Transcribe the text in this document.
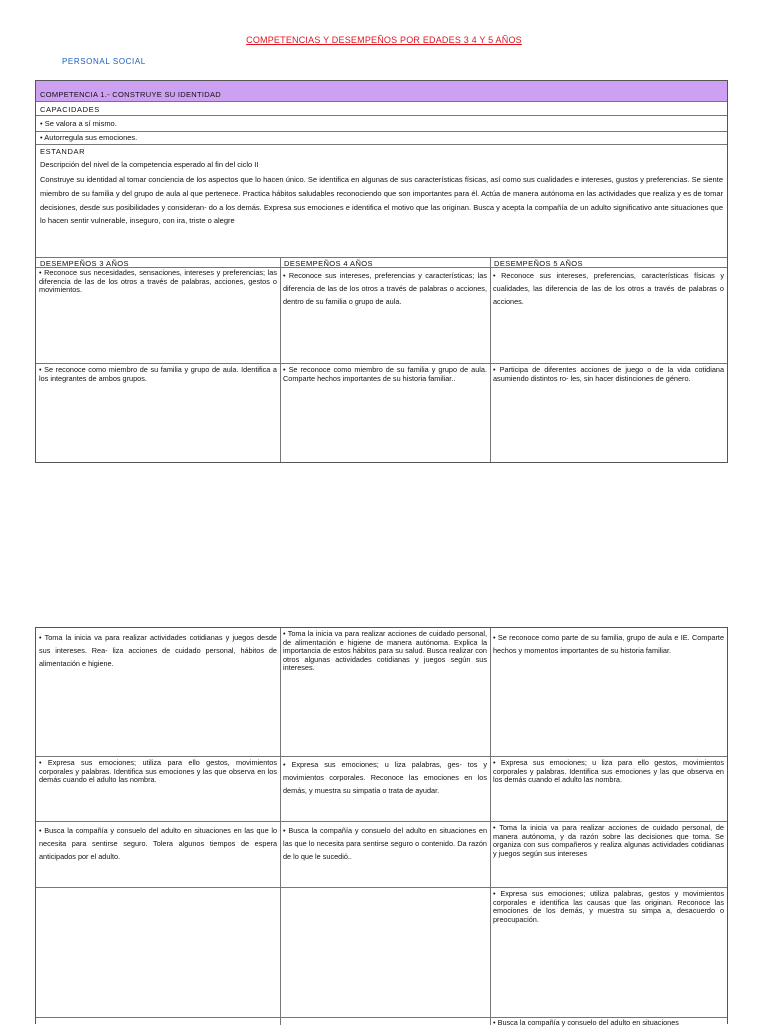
COMPETENCIAS Y DESEMPEÑOS POR EDADES 3 4 Y 5 AÑOS
PERSONAL SOCIAL
COMPETENCIA 1.- CONSTRUYE SU IDENTIDAD
CAPACIDADES
• Se valora a sí mismo.
• Autorregula sus emociones.
ESTANDAR
Descripción del nivel de la competencia esperado al fin del ciclo II
Construye su identidad al tomar conciencia de los aspectos que lo hacen único. Se identifica en algunas de sus características físicas, así como sus cualidades e intereses, gustos y preferencias. Se siente miembro de su familia y del grupo de aula al que pertenece. Practica hábitos saludables reconociendo que son importantes para él. Actúa de manera autónoma en las actividades que realiza y es de tomar decisiones, desde sus posibilidades y consideran- do a los demás. Expresa sus emociones e identifica el motivo que las originan. Busca y acepta la compañía de un adulto significativo ante situaciones que lo hacen sentir vulnerable, inseguro, con ira, triste o alegre
DESEMPEÑOS 3 AÑOS	DESEMPEÑOS 4 AÑOS	DESEMPEÑOS 5 AÑOS
• Reconoce sus necesidades, sensaciones, intereses y preferencias; las diferencia de las de los otros a través de palabras, acciones, gestos o movimientos.
• Reconoce sus intereses, preferencias y características; las diferencia de las de los otros a través de palabras o acciones, dentro de su familia o grupo de aula.
• Reconoce sus intereses, preferencias, características físicas y cualidades, las diferencia de las de los otros a través de palabras o acciones.
• Se reconoce como miembro de su familia y grupo de aula. Identifica a los integrantes de ambos grupos.
• Se reconoce como miembro de su familia y grupo de aula. Comparte hechos importantes de su historia familiar..
• Participa de diferentes acciones de juego o de la vida cotidiana asumiendo distintos ro- les, sin hacer distinciones de género.
• Toma la inicia va para realizar actividades cotidianas y juegos desde sus intereses. Rea- liza acciones de cuidado personal, hábitos de alimentación e higiene.
• Toma la inicia va para realizar acciones de cuidado personal, de alimentación e higiene de manera autónoma. Explica la importancia de estos hábitos para su salud. Busca realizar con otros algunas actividades cotidianas y juegos según sus intereses.
• Se reconoce como parte de su familia, grupo de aula e IE. Comparte hechos y momentos importantes de su historia familiar.
• Expresa sus emociones; utiliza para ello gestos, movimientos corporales y palabras. Identifica sus emociones y las que observa en los demás cuando el adulto las nombra.
• Expresa sus emociones; u liza palabras, ges- tos y movimientos corporales. Reconoce las emociones en los demás, y muestra su simpatía o trata de ayudar.
• Expresa sus emociones; u liza para ello gestos, movimientos corporales y palabras. Identifica sus emociones y las que observa en los demás cuando el adulto las nombra.
• Busca la compañía y consuelo del adulto en situaciones en las que lo necesita para sentirse seguro. Tolera algunos tiempos de espera anticipados por el adulto.
• Busca la compañía y consuelo del adulto en situaciones en las que lo necesita para sentirse seguro o contenido. Da razón de lo que le sucedió..
• Toma la inicia va para realizar acciones de cuidado personal, de manera autónoma, y da razón sobre las decisiones que toma. Se organiza con sus compañeros y realiza algunas actividades cotidianas y juegos según sus intereses
• Expresa sus emociones; utiliza palabras, gestos y movimientos corporales e identifica las causas que las originan. Reconoce las emociones de los demás, y muestra su simpa a, desacuerdo o preocupación.
• Busca la compañía y consuelo del adulto en situaciones
